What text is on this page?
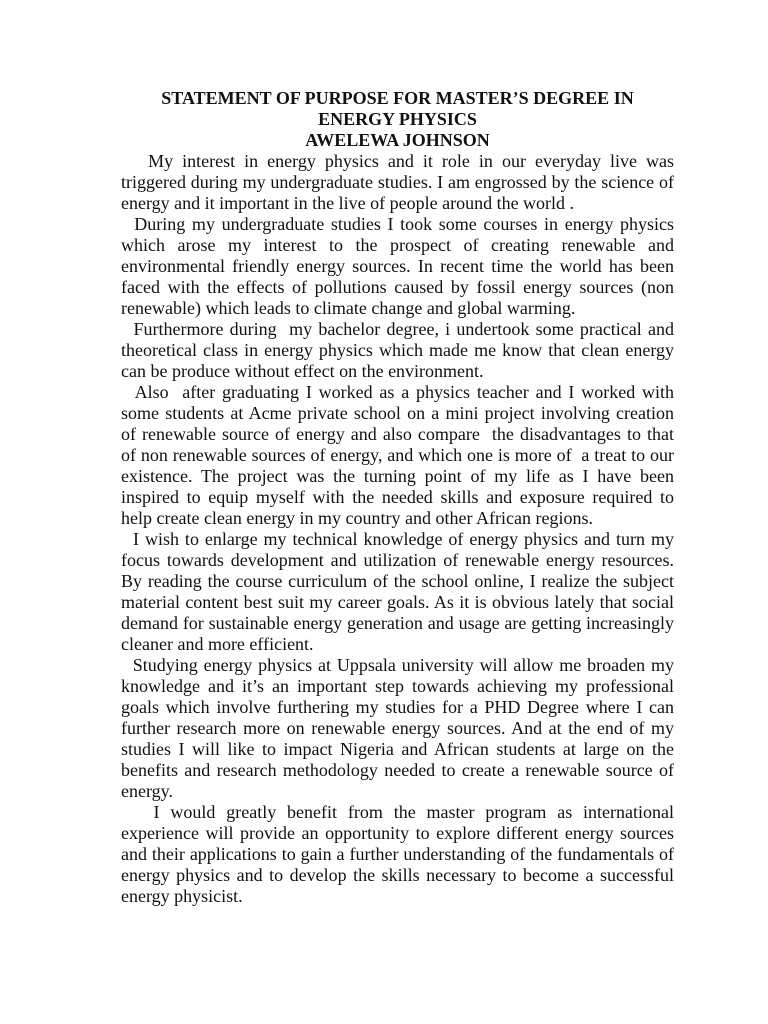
STATEMENT OF PURPOSE FOR MASTER’S DEGREE IN
ENERGY PHYSICS
AWELEWA JOHNSON

My interest in energy physics and it role in our everyday live was triggered during my undergraduate studies. I am engrossed by the science of energy and it important in the live of people around the world .

During my undergraduate studies I took some courses in energy physics which arose my interest to the prospect of creating renewable and environmental friendly energy sources. In recent time the world has been faced with the effects of pollutions caused by fossil energy sources (non renewable) which leads to climate change and global warming.

Furthermore during  my bachelor degree, i undertook some practical and theoretical class in energy physics which made me know that clean energy can be produce without effect on the environment.

Also  after graduating I worked as a physics teacher and I worked with some students at Acme private school on a mini project involving creation of renewable source of energy and also compare  the disadvantages to that of non renewable sources of energy, and which one is more of  a treat to our existence. The project was the turning point of my life as I have been inspired to equip myself with the needed skills and exposure required to help create clean energy in my country and other African regions.

I wish to enlarge my technical knowledge of energy physics and turn my focus towards development and utilization of renewable energy resources. By reading the course curriculum of the school online, I realize the subject material content best suit my career goals. As it is obvious lately that social demand for sustainable energy generation and usage are getting increasingly cleaner and more efficient.

Studying energy physics at Uppsala university will allow me broaden my knowledge and it’s an important step towards achieving my professional goals which involve furthering my studies for a PHD Degree where I can further research more on renewable energy sources. And at the end of my studies I will like to impact Nigeria and African students at large on the benefits and research methodology needed to create a renewable source of energy.

I would greatly benefit from the master program as international experience will provide an opportunity to explore different energy sources and their applications to gain a further understanding of the fundamentals of energy physics and to develop the skills necessary to become a successful energy physicist.
